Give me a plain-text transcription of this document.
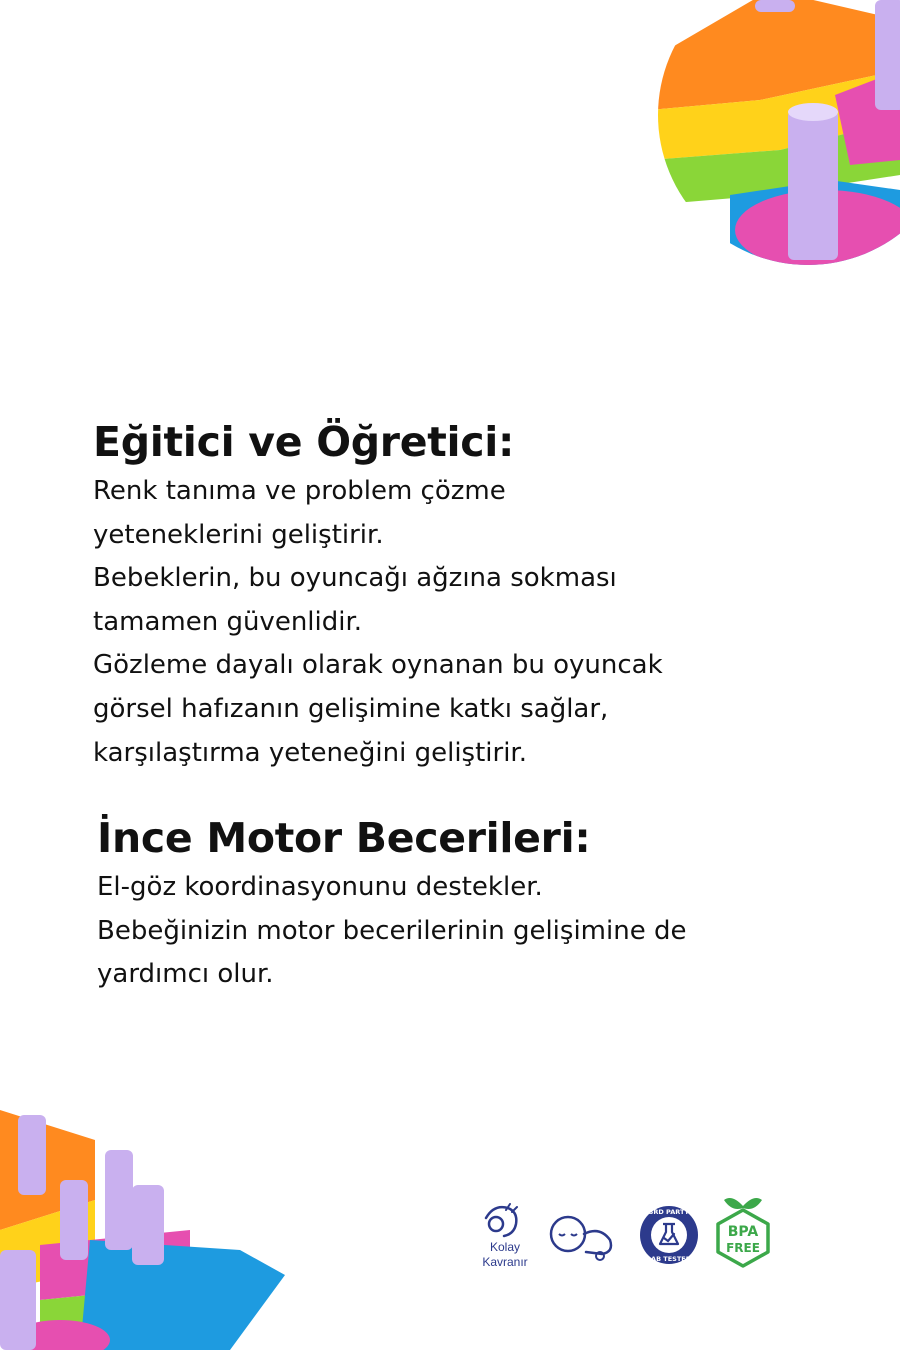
Eğitici ve Öğretici:
Renk tanıma ve problem çözme
yeteneklerini geliştirir.
Bebeklerin, bu oyuncağı ağzına sokması
tamamen güvenlidir.
Gözleme dayalı olarak oynanan bu oyuncak
görsel hafızanın gelişimine katkı sağlar,
karşılaştırma yeteneğini geliştirir.
İnce Motor Becerileri:
El-göz koordinasyonunu destekler.
Bebeğinizin motor becerilerinin gelişimine de
yardımcı olur.
Kolay
Kavranır
3RD PARTY
LAB TESTED
BPA
FREE
